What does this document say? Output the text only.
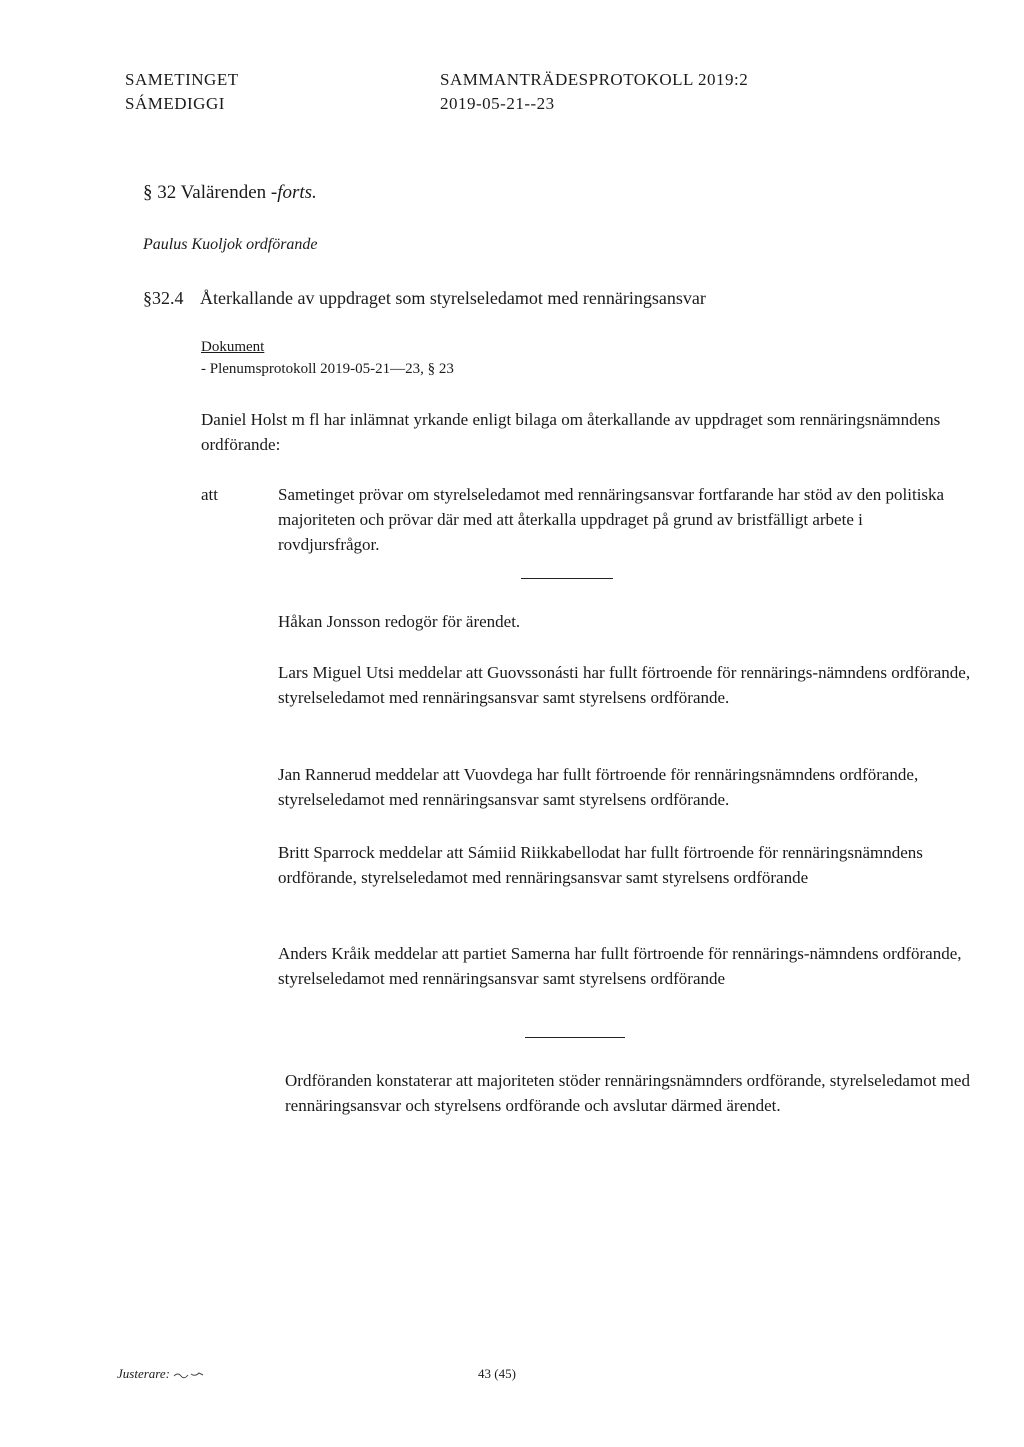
SAMETINGET
SÁMEDIGGI
SAMMANTRÄDESPROTOKOLL 2019:2
2019-05-21--23
§ 32 Valärenden -forts.
Paulus Kuoljok ordförande
§32.4 Återkallande av uppdraget som styrelseledamot med rennäringsansvar
Dokument
- Plenumsprotokoll 2019-05-21—23, § 23
Daniel Holst m fl har inlämnat yrkande enligt bilaga om återkallande av uppdraget som rennäringsnämndens ordförande:
att	Sametinget prövar om styrelseledamot med rennäringsansvar fortfarande har stöd av den politiska majoriteten och prövar där med att återkalla uppdraget på grund av bristfälligt arbete i rovdjursfrågor.
Håkan Jonsson redogör för ärendet.
Lars Miguel Utsi meddelar att Guovssonásti har fullt förtroende för rennärings-nämndens ordförande, styrelseledamot med rennäringsansvar samt styrelsens ordförande.
Jan Rannerud meddelar att Vuovdega har fullt förtroende för rennäringsnämndens ordförande, styrelseledamot med rennäringsansvar samt styrelsens ordförande.
Britt Sparrock meddelar att Sámiid Riikkabellodat har fullt förtroende för rennäringsnämndens ordförande, styrelseledamot med rennäringsansvar samt styrelsens ordförande
Anders Kråik meddelar att partiet Samerna har fullt förtroende för rennärings-nämndens ordförande, styrelseledamot med rennäringsansvar samt styrelsens ordförande
Ordföranden konstaterar att majoriteten stöder rennäringsnämnders ordförande, styrelseledamot med rennäringsansvar och styrelsens ordförande och avslutar därmed ärendet.
Justerare:	43 (45)
